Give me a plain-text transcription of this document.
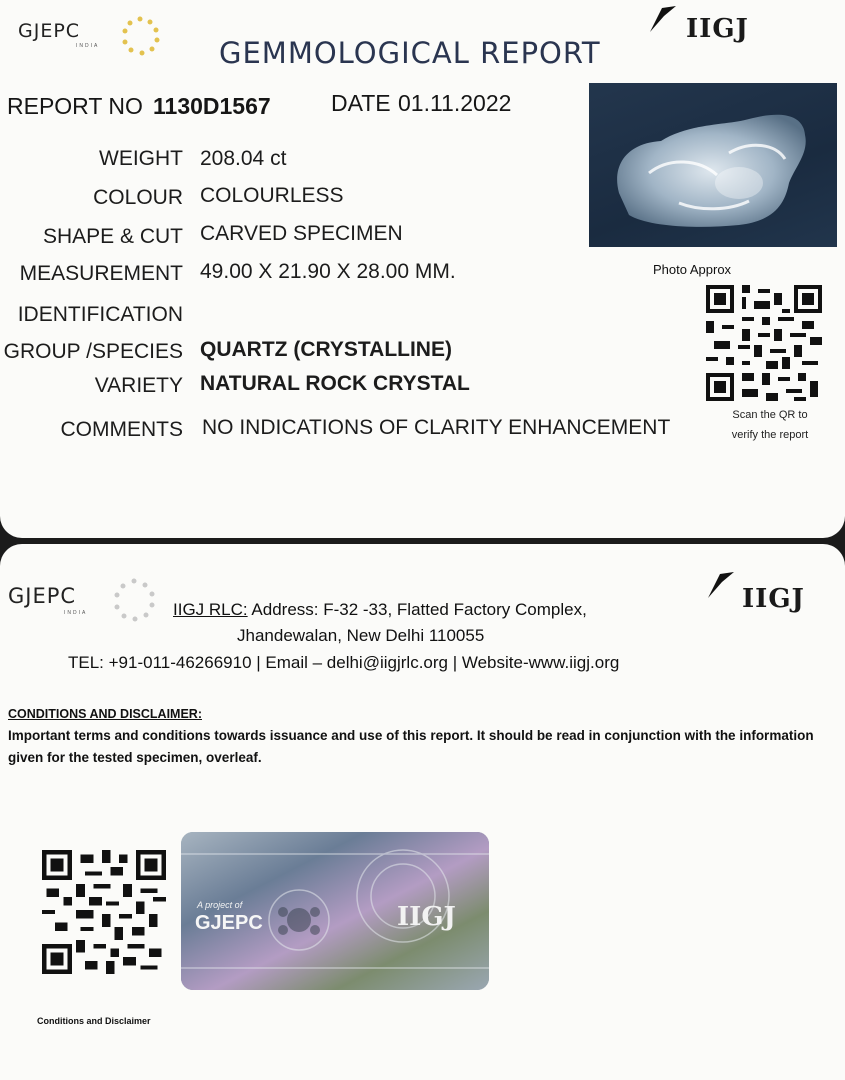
GJEPC
INDIA
IIGJ
GEMMOLOGICAL REPORT
REPORT NO 1130D1567	DATE 01.11.2022
WEIGHT 208.04 ct
COLOUR COLOURLESS
SHAPE & CUT CARVED SPECIMEN
MEASUREMENT 49.00 X 21.90 X 28.00 MM.
IDENTIFICATION
GROUP /SPECIES QUARTZ (CRYSTALLINE)
VARIETY NATURAL ROCK CRYSTAL
COMMENTS NO INDICATIONS OF CLARITY ENHANCEMENT
Photo Approx
Scan the QR to
verify the report
GJEPC
INDIA	IIGJ
IIGJ RLC: Address: F-32 -33, Flatted Factory Complex,
Jhandewalan, New Delhi 110055
TEL: +91-011-46266910 | Email – delhi@iigjrlc.org | Website-www.iigj.org
CONDITIONS AND DISCLAIMER:
Important terms and conditions towards issuance and use of this report. It should be read in conjunction with the information given for the tested specimen, overleaf.
A project of
GJEPC	IIGJ
Conditions and Disclaimer
